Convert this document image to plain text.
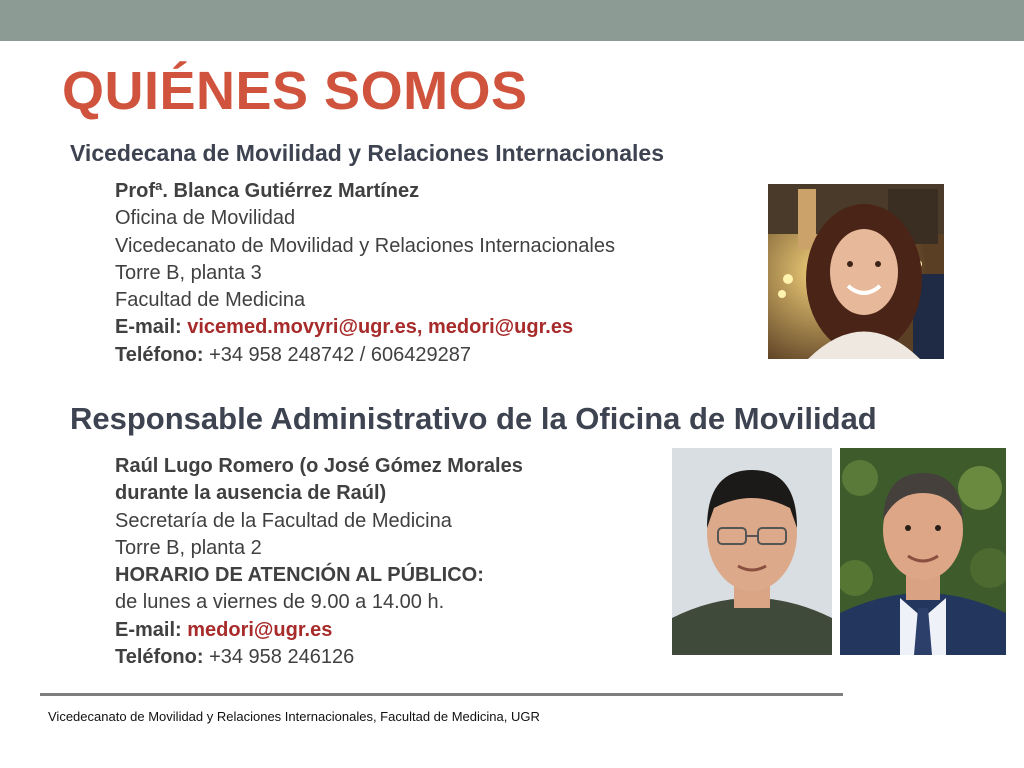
QUIÉNES SOMOS
Vicedecana de Movilidad y Relaciones Internacionales
Profª. Blanca Gutiérrez Martínez
Oficina de Movilidad
Vicedecanato de Movilidad y Relaciones Internacionales
Torre B, planta 3
Facultad de Medicina
E-mail: vicemed.movyri@ugr.es, medori@ugr.es
Teléfono: +34 958 248742 / 606429287
Responsable Administrativo de la Oficina de Movilidad
Raúl Lugo Romero (o José Gómez Morales
durante la ausencia de Raúl)
Secretaría de la Facultad de Medicina
Torre B, planta 2
HORARIO DE ATENCIÓN AL PÚBLICO:
de lunes a viernes de 9.00 a 14.00 h.
E-mail: medori@ugr.es
Teléfono: +34 958 246126
Vicedecanato de Movilidad y Relaciones Internacionales, Facultad de Medicina, UGR
